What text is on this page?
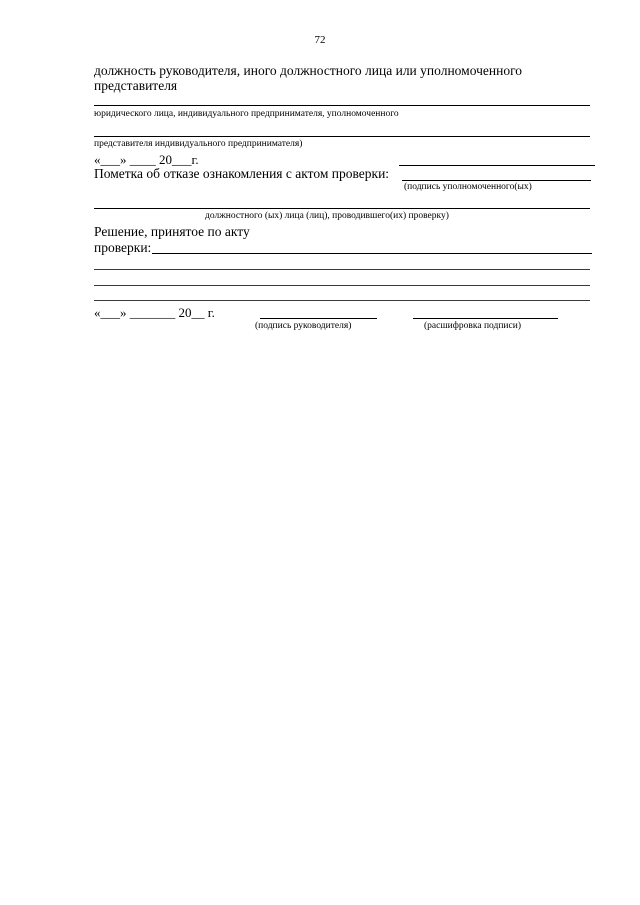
72
должность руководителя, иного должностного лица или уполномоченного
представителя
юридического лица, индивидуального предпринимателя, уполномоченного
представителя индивидуального предпринимателя)
«___» ____ 20___г.
Пометка об отказе ознакомления с актом проверки:
(подпись уполномоченного(ых)
должностного (ых) лица (лиц), проводившего(их) проверку)
Решение, принятое по акту
проверки:
«___» _______ 20__ г.
(подпись руководителя)	(расшифровка подписи)
